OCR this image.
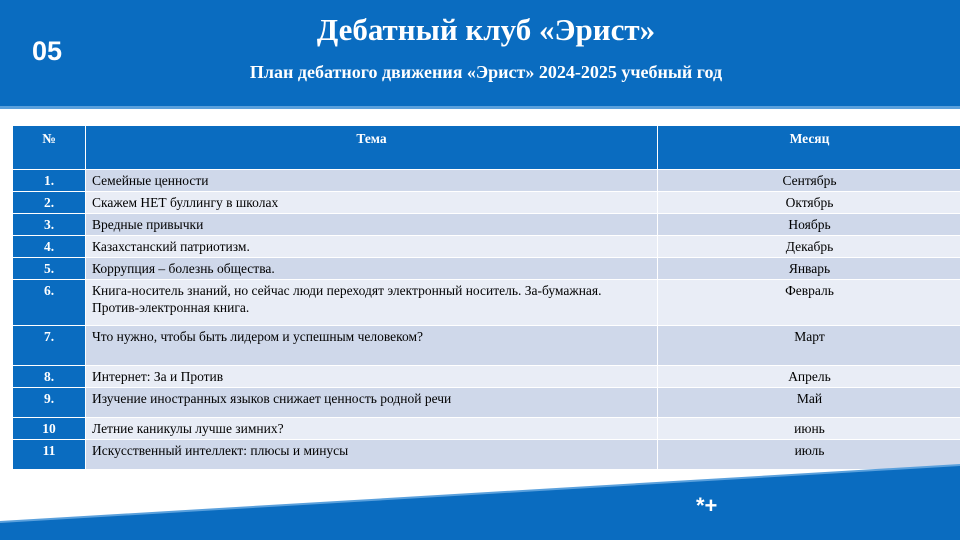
05
Дебатный клуб «Эрист»
План дебатного движения «Эрист» 2024-2025 учебный год
№	Тема	Месяц
1.	Семейные ценности	Сентябрь
2.	Скажем НЕТ буллингу в школах	Октябрь
3.	Вредные привычки	Ноябрь
4.	Казахстанский патриотизм.	Декабрь
5.	Коррупция – болезнь общества.	Январь
6.	Книга-носитель знаний, но сейчас люди переходят электронный носитель. За-бумажная. Против-электронная книга.	Февраль
7.	Что нужно, чтобы быть лидером и успешным человеком?	Март
8.	Интернет: За и Против	Апрель
9.	Изучение иностранных языков снижает ценность родной речи	Май
10	Летние каникулы лучше зимних?	июнь
11	Искусственный интеллект: плюсы и минусы	июль
*+
